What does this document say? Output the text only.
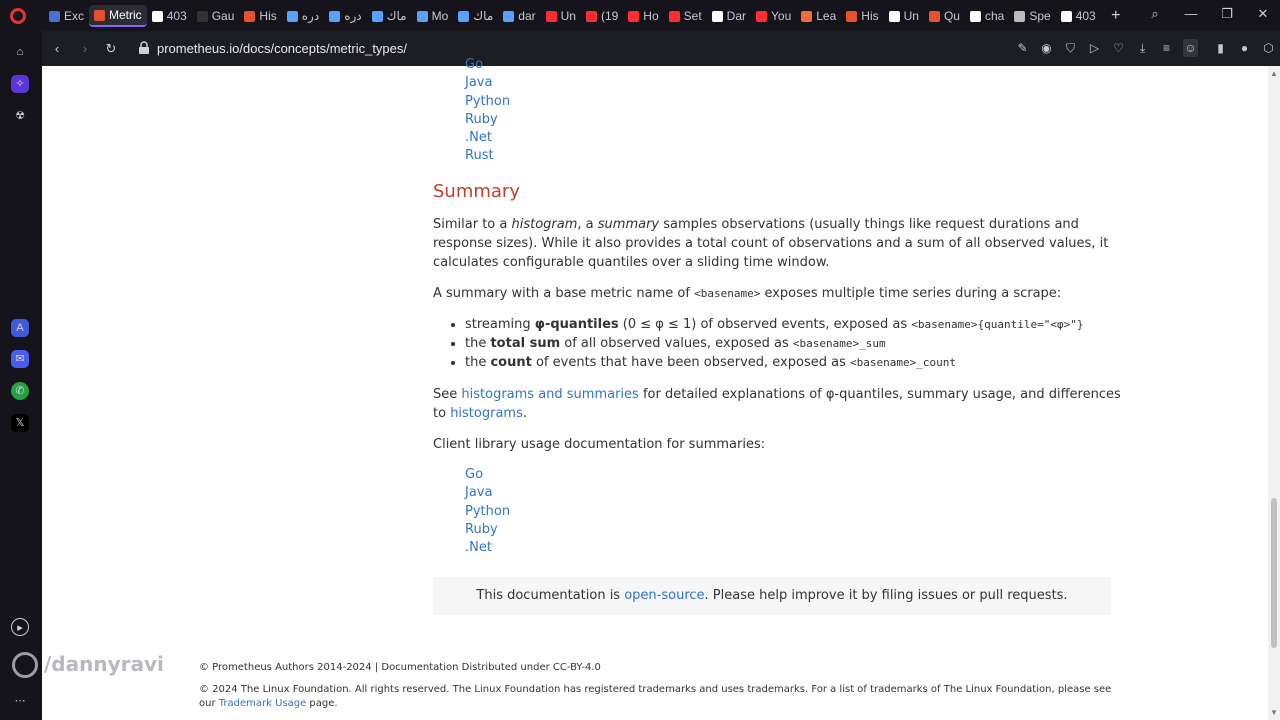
Exc Metric 403 Gau His دره دره ماك Mo ماك dar Un (19 Ho Set Dar You Lea His Un Qu cha Spe 403 +	⌕ — ❐ ✕
⌂
✧
☢
A
✉
✆
𝕏
▸
⋯
‹	›	↻	prometheus.io/docs/concepts/metric_types/	✎ ◉ ⛉ ▷ ♡	⤓	≡	☺	▮	●	⬡
Go
Java
Python
Ruby
.Net
Rust
Summary

Similar to a histogram, a summary samples observations (usually things like request durations and response sizes). While it also provides a total count of observations and a sum of all observed values, it calculates configurable quantiles over a sliding time window.

A summary with a base metric name of <basename> exposes multiple time series during a scrape:

• streaming φ-quantiles (0 ≤ φ ≤ 1) of observed events, exposed as <basename>{quantile="<φ>"}
• the total sum of all observed values, exposed as <basename>_sum
• the count of events that have been observed, exposed as <basename>_count

See histograms and summaries for detailed explanations of φ-quantiles, summary usage, and differences to histograms.

Client library usage documentation for summaries:

Go
Java
Python
Ruby
.Net
This documentation is open-source. Please help improve it by filing issues or pull requests.
© Prometheus Authors 2014-2024 | Documentation Distributed under CC-BY-4.0
© 2024 The Linux Foundation. All rights reserved. The Linux Foundation has registered trademarks and uses trademarks. For a list of trademarks of The Linux Foundation, please see our Trademark Usage page.
▲
▼
/dannyravi
